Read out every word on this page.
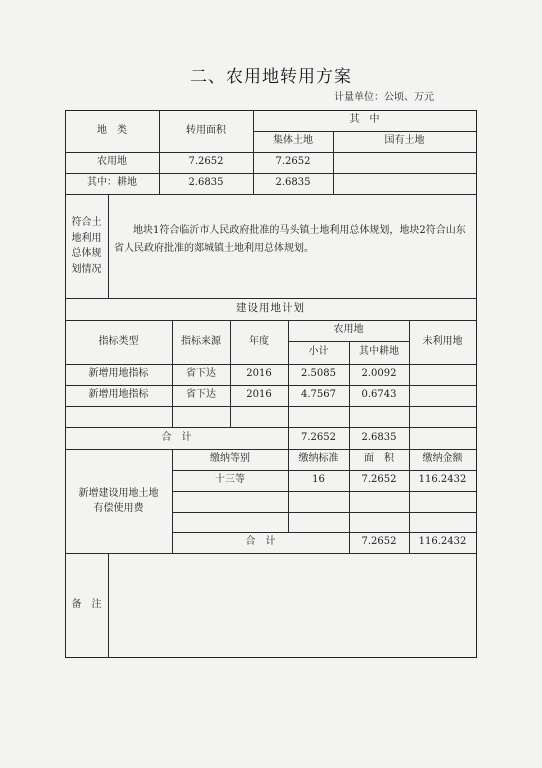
二、农用地转用方案
计量单位：公顷、万元
地　类	转用面积
其　中
集体土地	国有土地
农用地	7.2652	7.2652
其中：耕地	2.6835	2.6835
符合土
地利用
总体规
划情况
地块1符合临沂市人民政府批准的马头镇土地利用总体规划，地块2符合山东省人民政府批准的郯城镇土地利用总体规划。
建设用地计划
指标类型	指标来源	年度
农用地
小计	其中耕地
未利用地
新增用地指标	省下达	2016	2.5085	2.0092
新增用地指标	省下达	2016	4.7567	0.6743
合　计	7.2652	2.6835
新增建设用地土地
有偿使用费
缴纳等别	缴纳标准	面　积	缴纳金额
十三等	16	7.2652	116.2432
合　计	7.2652	116.2432
备　注
